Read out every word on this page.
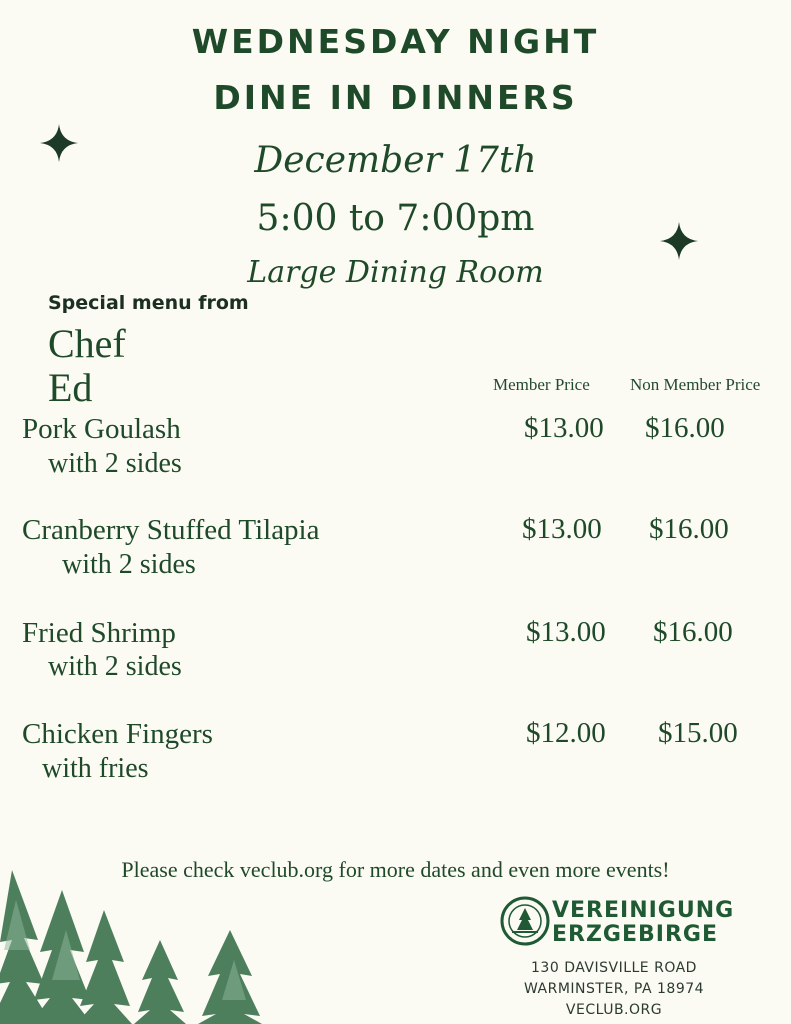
WEDNESDAY NIGHT
DINE IN DINNERS
December 17th
5:00 to 7:00pm
Large Dining Room
Special menu from
Chef
Ed	Member Price Non Member Price
Pork Goulash
with 2 sides
$13.00 $16.00
Cranberry Stuffed Tilapia
with 2 sides
$13.00 $16.00
Fried Shrimp
with 2 sides
$13.00 $16.00
Chicken Fingers
with fries
$12.00 $15.00
Please check veclub.org for more dates and even more events!
VEREINIGUNG
ERZGEBIRGE
130 DAVISVILLE ROAD
WARMINSTER, PA 18974
VECLUB.ORG
